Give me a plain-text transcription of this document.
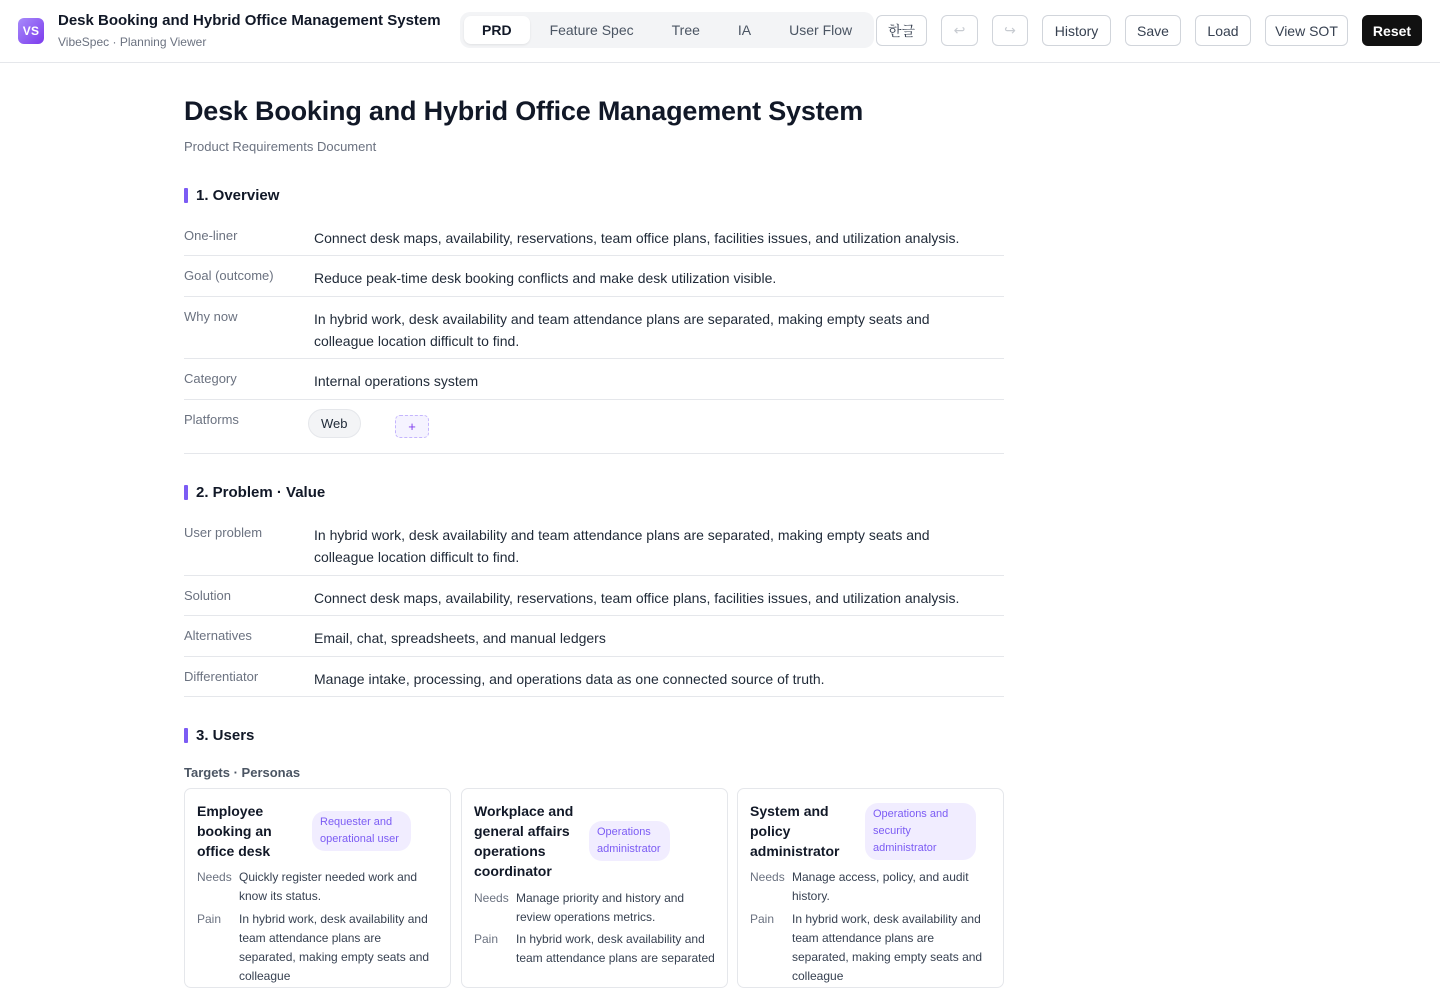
VS
Desk Booking and Hybrid Office Management System
VibeSpec · Planning Viewer
PRD	Feature Spec	Tree	IA	User Flow	한글	↩	↪	History	Save	Load	View SOT	Reset
Desk Booking and Hybrid Office Management System
Product Requirements Document
1. Overview
One-liner	Connect desk maps, availability, reservations, team office plans, facilities issues, and utilization analysis.
Goal (outcome)	Reduce peak-time desk booking conflicts and make desk utilization visible.
Why now	In hybrid work, desk availability and team attendance plans are separated, making empty seats and colleague location difficult to find.
Category	Internal operations system
Platforms	Web	+
2. Problem · Value
User problem	In hybrid work, desk availability and team attendance plans are separated, making empty seats and colleague location difficult to find.
Solution	Connect desk maps, availability, reservations, team office plans, facilities issues, and utilization analysis.
Alternatives	Email, chat, spreadsheets, and manual ledgers
Differentiator	Manage intake, processing, and operations data as one connected source of truth.
3. Users
Targets · Personas
Employee booking an office desk
Requester and operational user
Needs Quickly register needed work and know its status.
Pain In hybrid work, desk availability and team attendance plans are separated, making empty seats and colleague
Workplace and general affairs operations coordinator
Operations administrator
Needs Manage priority and history and review operations metrics.
Pain In hybrid work, desk availability and team attendance plans are separated
System and policy administrator
Operations and security administrator
Needs Manage access, policy, and audit history.
Pain In hybrid work, desk availability and team attendance plans are separated, making empty seats and colleague
